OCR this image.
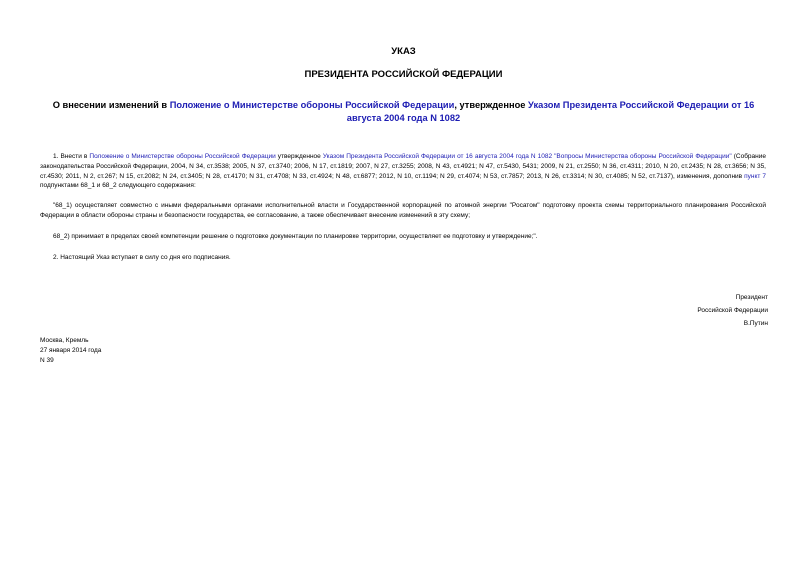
УКАЗ
ПРЕЗИДЕНТА РОССИЙСКОЙ ФЕДЕРАЦИИ
О внесении изменений в Положение о Министерстве обороны Российской Федерации, утвержденное Указом Президента Российской Федерации от 16 августа 2004 года N 1082
1. Внести в Положение о Министерстве обороны Российской Федерации утвержденное Указом Президента Российской Федерации от 16 августа 2004 года N 1082 "Вопросы Министерства обороны Российской Федерации" (Собрание законодательства Российской Федерации, 2004, N 34, ст.3538; 2005, N 37, ст.3740; 2006, N 17, ст.1819; 2007, N 27, ст.3255; 2008, N 43, ст.4921; N 47, ст.5430, 5431; 2009, N 21, ст.2550; N 36, ст.4311; 2010, N 20, ст.2435; N 28, ст.3656; N 35, ст.4530; 2011, N 2, ст.267; N 15, ст.2082; N 24, ст.3405; N 28, ст.4170; N 31, ст.4708; N 33, ст.4924; N 48, ст.6877; 2012, N 10, ст.1194; N 29, ст.4074; N 53, ст.7857; 2013, N 26, ст.3314; N 30, ст.4085; N 52, ст.7137), изменения, дополнив пункт 7 подпунктами 68_1 и 68_2 следующего содержания:
"68_1) осуществляет совместно с иными федеральными органами исполнительной власти и Государственной корпорацией по атомной энергии "Росатом" подготовку проекта схемы территориального планирования Российской Федерации в области обороны страны и безопасности государства, ее согласование, а также обеспечивает внесение изменений в эту схему;
68_2) принимает в пределах своей компетенции решение о подготовке документации по планировке территории, осуществляет ее подготовку и утверждение;".
2. Настоящий Указ вступает в силу со дня его подписания.
Президент
Российской Федерации
В.Путин
Москва, Кремль
27 января 2014 года
N 39
